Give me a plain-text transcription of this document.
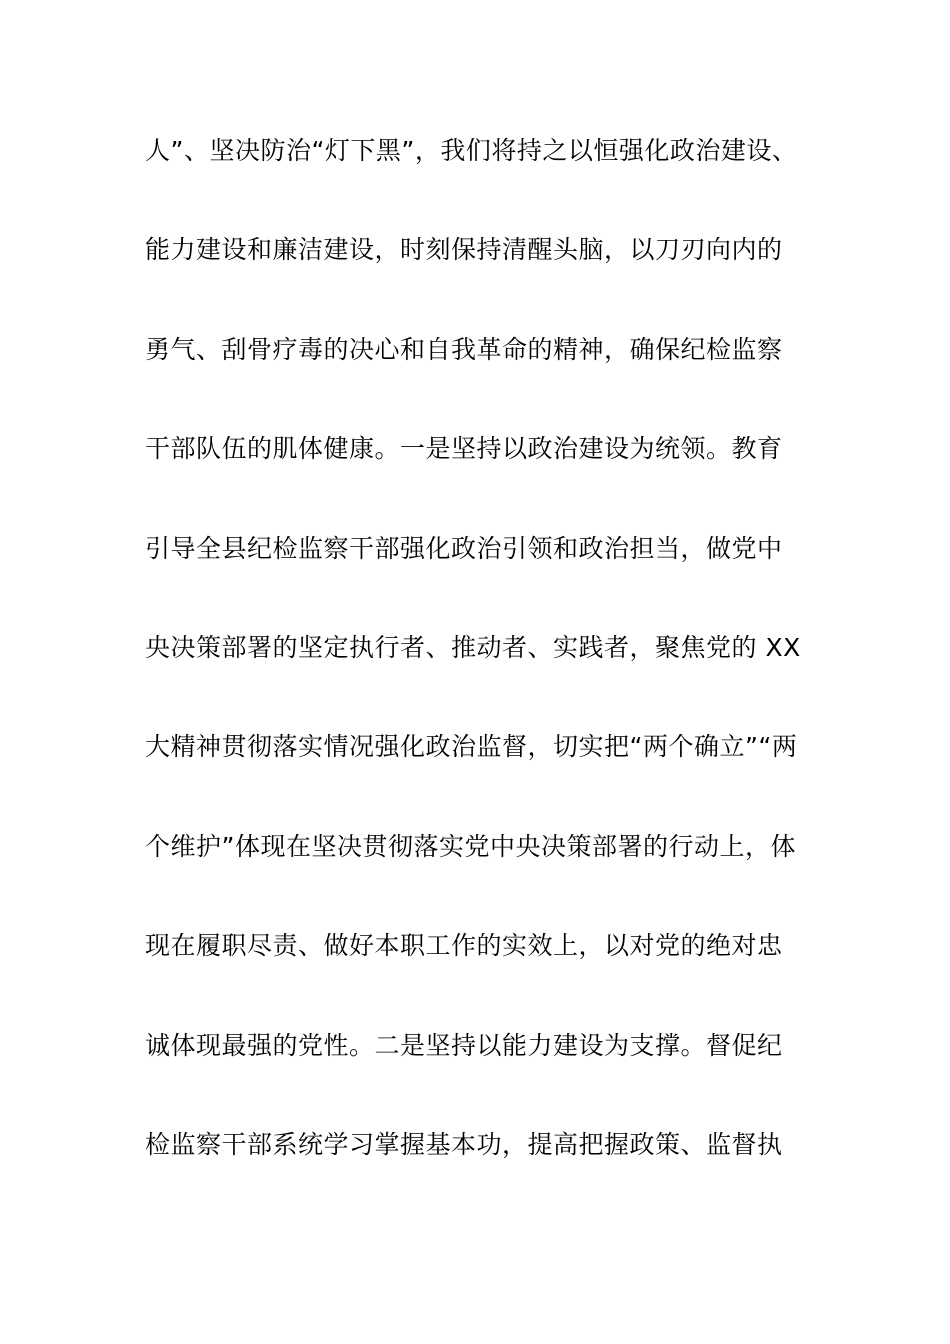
人”、坚决防治“灯下黑”，我们将持之以恒强化政治建设、
能力建设和廉洁建设，时刻保持清醒头脑，以刀刃向内的
勇气、刮骨疗毒的决心和自我革命的精神，确保纪检监察
干部队伍的肌体健康。一是坚持以政治建设为统领。教育
引导全县纪检监察干部强化政治引领和政治担当，做党中
央决策部署的坚定执行者、推动者、实践者，聚焦党的 XX
大精神贯彻落实情况强化政治监督，切实把“两个确立”“两
个维护”体现在坚决贯彻落实党中央决策部署的行动上，体
现在履职尽责、做好本职工作的实效上，以对党的绝对忠
诚体现最强的党性。二是坚持以能力建设为支撑。督促纪
检监察干部系统学习掌握基本功，提高把握政策、监督执
